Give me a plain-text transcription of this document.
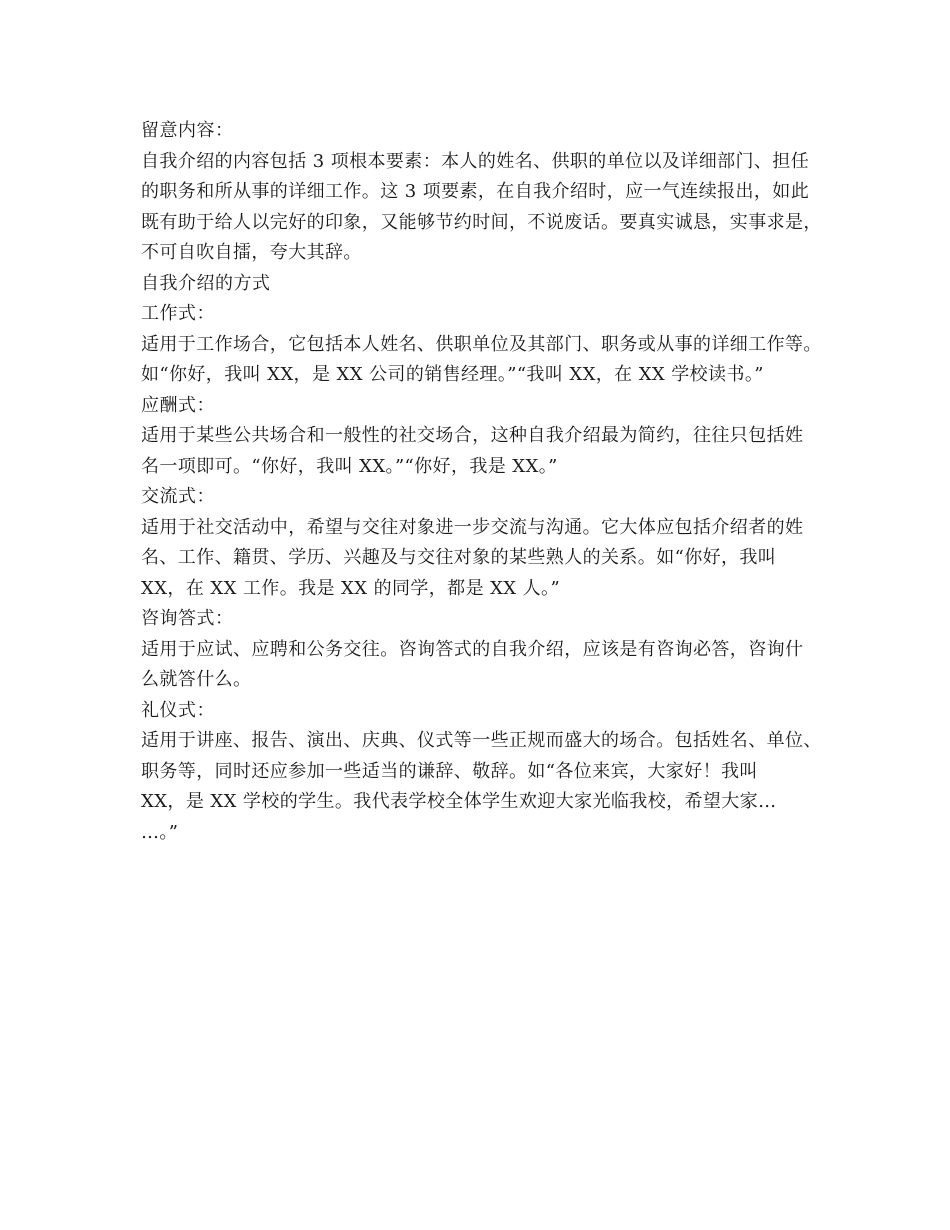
留意内容：
自我介绍的内容包括 3 项根本要素：本人的姓名、供职的单位以及详细部门、担任
的职务和所从事的详细工作。这 3 项要素，在自我介绍时，应一气连续报出，如此
既有助于给人以完好的印象，又能够节约时间，不说废话。要真实诚恳，实事求是，
不可自吹自擂，夸大其辞。
自我介绍的方式
工作式：
适用于工作场合，它包括本人姓名、供职单位及其部门、职务或从事的详细工作等。
如“你好，我叫 XX，是 XX 公司的销售经理。”“我叫 XX，在 XX 学校读书。”
应酬式：
适用于某些公共场合和一般性的社交场合，这种自我介绍最为简约，往往只包括姓
名一项即可。“你好，我叫 XX。”“你好，我是 XX。”
交流式：
适用于社交活动中，希望与交往对象进一步交流与沟通。它大体应包括介绍者的姓
名、工作、籍贯、学历、兴趣及与交往对象的某些熟人的关系。如“你好，我叫
XX，在 XX 工作。我是 XX 的同学，都是 XX 人。”
咨询答式：
适用于应试、应聘和公务交往。咨询答式的自我介绍，应该是有咨询必答，咨询什
么就答什么。
礼仪式：
适用于讲座、报告、演出、庆典、仪式等一些正规而盛大的场合。包括姓名、单位、
职务等，同时还应参加一些适当的谦辞、敬辞。如“各位来宾，大家好！我叫
XX，是 XX 学校的学生。我代表学校全体学生欢迎大家光临我校，希望大家…
…。”
